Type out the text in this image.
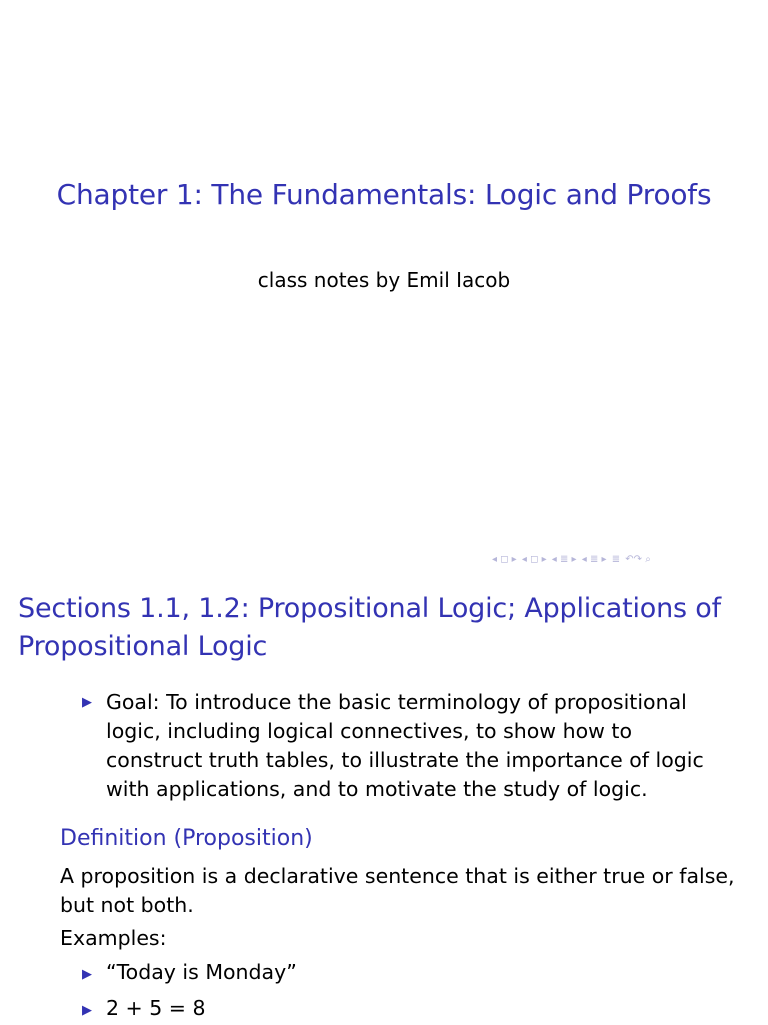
Chapter 1: The Fundamentals: Logic and Proofs
class notes by Emil Iacob
◂ ◻ ▸ ◂ ◻ ▸ ◂ ≣ ▸ ◂ ≣ ▸ ≣ ↶↷ ⌕
Sections 1.1, 1.2: Propositional Logic; Applications of Propositional Logic
▶ Goal: To introduce the basic terminology of propositional logic, including logical connectives, to show how to construct truth tables, to illustrate the importance of logic with applications, and to motivate the study of logic.
Definition (Proposition)
A proposition is a declarative sentence that is either true or false, but not both.
Examples:
▶ “Today is Monday”
▶ 2 + 5 = 8
